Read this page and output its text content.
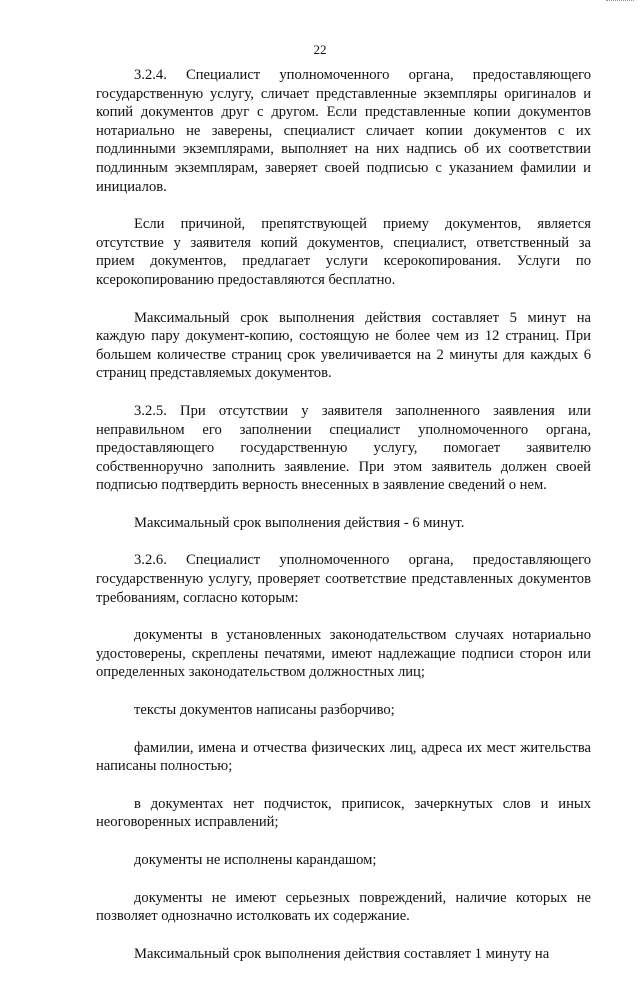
22

3.2.4. Специалист уполномоченного органа, предоставляющего государственную услугу, сличает представленные экземпляры оригиналов и копий документов друг с другом. Если представленные копии документов нотариально не заверены, специалист сличает копии документов с их подлинными экземплярами, выполняет на них надпись об их соответствии подлинным экземплярам, заверяет своей подписью с указанием фамилии и инициалов.

Если причиной, препятствующей приему документов, является отсутствие у заявителя копий документов, специалист, ответственный за прием документов, предлагает услуги ксерокопирования. Услуги по ксерокопированию предоставляются бесплатно.

Максимальный срок выполнения действия составляет 5 минут на каждую пару документ-копию, состоящую не более чем из 12 страниц. При большем количестве страниц срок увеличивается на 2 минуты для каждых 6 страниц представляемых документов.

3.2.5. При отсутствии у заявителя заполненного заявления или неправильном его заполнении специалист уполномоченного органа, предоставляющего государственную услугу, помогает заявителю собственноручно заполнить заявление. При этом заявитель должен своей подписью подтвердить верность внесенных в заявление сведений о нем.

Максимальный срок выполнения действия - 6 минут.

3.2.6. Специалист уполномоченного органа, предоставляющего государственную услугу, проверяет соответствие представленных документов требованиям, согласно которым:

документы в установленных законодательством случаях нотариально удостоверены, скреплены печатями, имеют надлежащие подписи сторон или определенных законодательством должностных лиц;

тексты документов написаны разборчиво;

фамилии, имена и отчества физических лиц, адреса их мест жительства написаны полностью;

в документах нет подчисток, приписок, зачеркнутых слов и иных неоговоренных исправлений;

документы не исполнены карандашом;

документы не имеют серьезных повреждений, наличие которых не позволяет однозначно истолковать их содержание.

Максимальный срок выполнения действия составляет 1 минуту на
